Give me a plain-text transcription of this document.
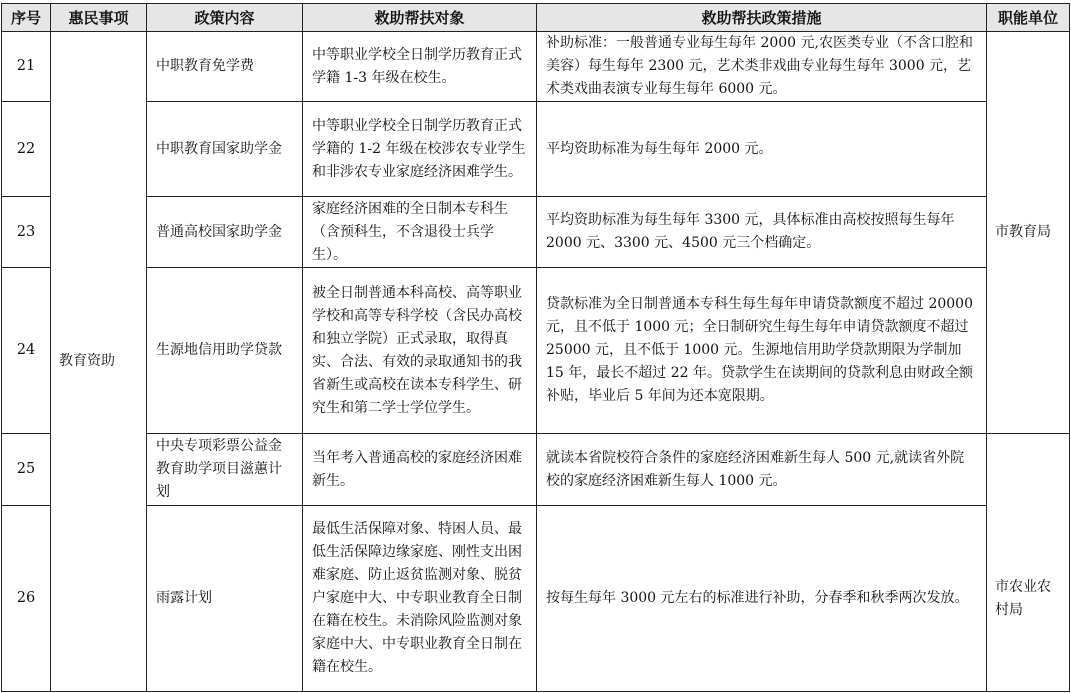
序号	惠民事项	政策内容	救助帮扶对象	救助帮扶政策措施	职能单位
21	教育资助	中职教育免学费	中等职业学校全日制学历教育正式学籍 1-3 年级在校生。	补助标准：一般普通专业每生每年 2000 元,农医类专业（不含口腔和美容）每生每年 2300 元，艺术类非戏曲专业每生每年 3000 元，艺术类戏曲表演专业每生每年 6000 元。	市教育局
22		中职教育国家助学金	中等职业学校全日制学历教育正式学籍的 1-2 年级在校涉农专业学生和非涉农专业家庭经济困难学生。	平均资助标准为每生每年 2000 元。	
23		普通高校国家助学金	家庭经济困难的全日制本专科生（含预科生，不含退役士兵学生）。	平均资助标准为每生每年 3300 元，具体标准由高校按照每生每年 2000 元、3300 元、4500 元三个档确定。	
24		生源地信用助学贷款	被全日制普通本科高校、高等职业学校和高等专科学校（含民办高校和独立学院）正式录取，取得真实、合法、有效的录取通知书的我省新生或高校在读本专科学生、研究生和第二学士学位学生。	贷款标准为全日制普通本专科生每生每年申请贷款额度不超过 20000 元，且不低于 1000 元；全日制研究生每生每年申请贷款额度不超过 25000 元，且不低于 1000 元。生源地信用助学贷款期限为学制加 15 年，最长不超过 22 年。贷款学生在读期间的贷款利息由财政全额补贴，毕业后 5 年间为还本宽限期。	
25		中央专项彩票公益金　教育助学项目滋蕙计划	当年考入普通高校的家庭经济困难新生。	就读本省院校符合条件的家庭经济困难新生每人 500 元,就读省外院校的家庭经济困难新生每人 1000 元。	市农业农村局

26		雨露计划	最低生活保障对象、特困人员、最低生活保障边缘家庭、刚性支出困难家庭、防止返贫监测对象、脱贫户家庭中大、中专职业教育全日制在籍在校生。未消除风险监测对象家庭中大、中专职业教育全日制在籍在校生。	按每生每年 3000 元左右的标准进行补助，分春季和秋季两次发放。	
